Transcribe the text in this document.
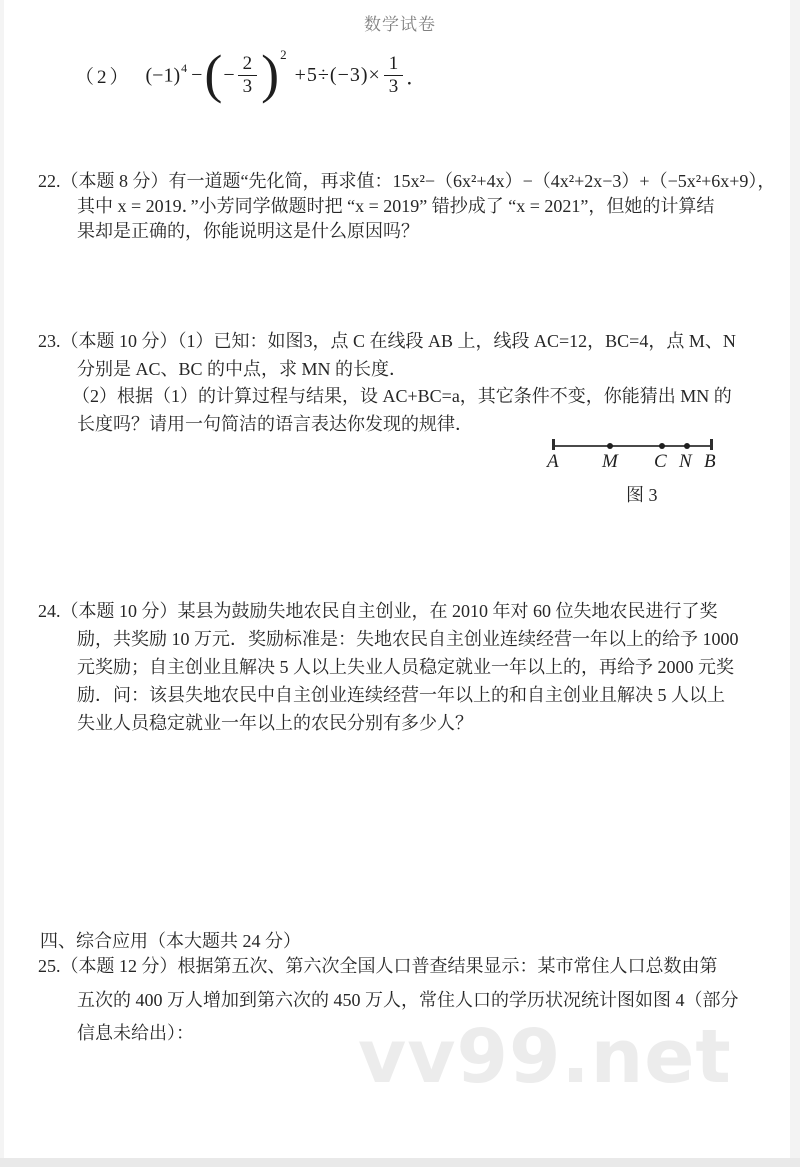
数学试卷
（2） $(-1)^4$ − ( − $\frac{2}{3}$ ) 2
$+5\div(-3)\times \frac{1}{3}$ ．
22.（本题 8 分）有一道题“先化简，再求值：15x²−（6x²+4x）−（4x²+2x−3）+（−5x²+6x+9），
其中 x = 2019．”小芳同学做题时把 “x = 2019” 错抄成了 “x = 2021”，但她的计算结
果却是正确的，你能说明这是什么原因吗？
23.（本题 10 分）（1）已知：如图3，点 C 在线段 AB 上，线段 AC=12，BC=4，点 M、N
分别是 AC、BC 的中点，求 MN 的长度．
（2）根据（1）的计算过程与结果，设 AC+BC=a，其它条件不变，你能猜出 MN 的
长度吗？请用一句简洁的语言表达你发现的规律．
A M C N B
图 3
24.（本题 10 分）某县为鼓励失地农民自主创业，在 2010 年对 60 位失地农民进行了奖
励，共奖励 10 万元．奖励标准是：失地农民自主创业连续经营一年以上的给予 1000
元奖励；自主创业且解决 5 人以上失业人员稳定就业一年以上的，再给予 2000 元奖
励．问：该县失地农民中自主创业连续经营一年以上的和自主创业且解决 5 人以上
失业人员稳定就业一年以上的农民分别有多少人？
四、综合应用（本大题共 24 分）
25.（本题 12 分）根据第五次、第六次全国人口普查结果显示：某市常住人口总数由第
五次的 400 万人增加到第六次的 450 万人，常住人口的学历状况统计图如图 4（部分
信息未给出）：	vv99.net
